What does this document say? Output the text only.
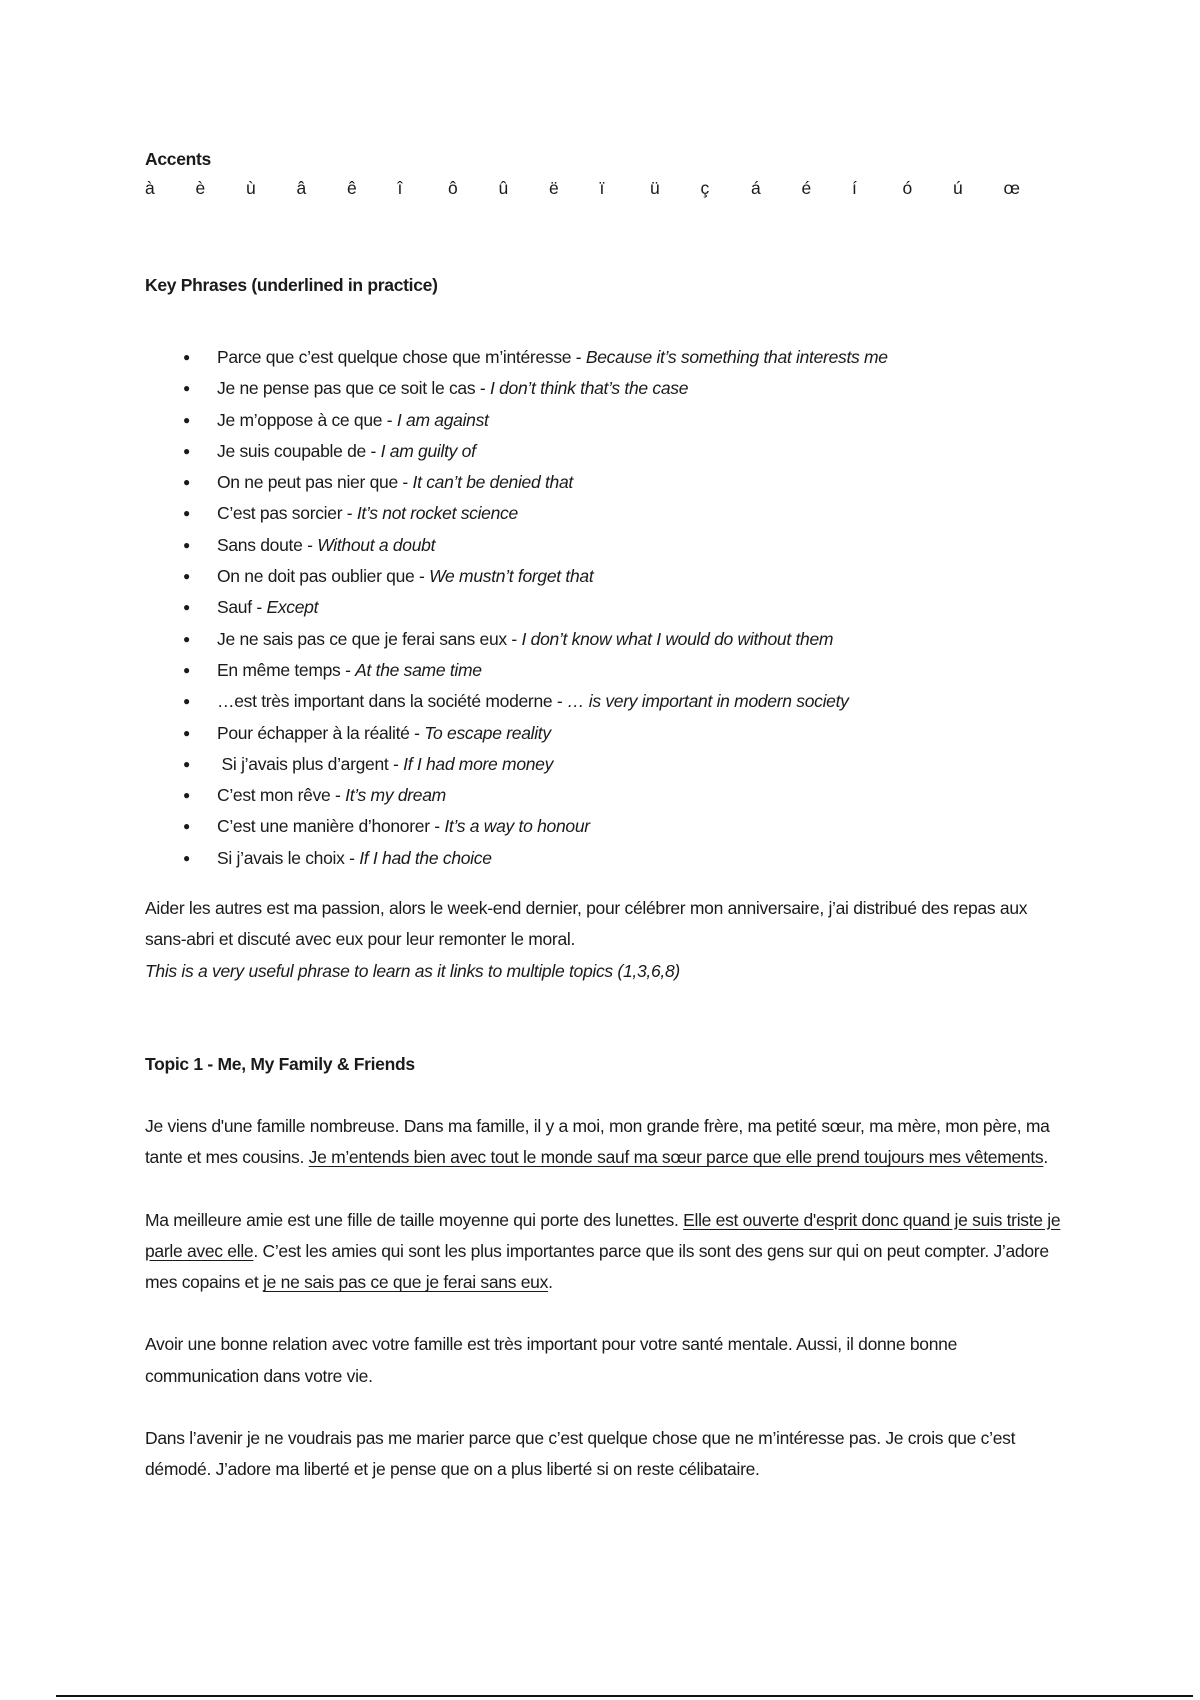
Accents
à	è	ù	â	ê	î	ô	û	ë	ï	ü	ç	á	é	í	ó	ú	œ
Key Phrases (underlined in practice)
● Parce que c’est quelque chose que m’intéresse - Because it’s something that interests me
● Je ne pense pas que ce soit le cas - I don’t think that’s the case
● Je m’oppose à ce que - I am against
● Je suis coupable de - I am guilty of
● On ne peut pas nier que - It can’t be denied that
● C’est pas sorcier - It’s not rocket science
● Sans doute - Without a doubt
● On ne doit pas oublier que - We mustn’t forget that
● Sauf - Except
● Je ne sais pas ce que je ferai sans eux - I don’t know what I would do without them
● En même temps - At the same time
● …est très important dans la société moderne - … is very important in modern society
● Pour échapper à la réalité - To escape reality
●  Si j’avais plus d’argent - If I had more money
● C’est mon rêve - It’s my dream
● C’est une manière d’honorer - It’s a way to honour
● Si j’avais le choix - If I had the choice

Aider les autres est ma passion, alors le week-end dernier, pour célébrer mon anniversaire, j’ai distribué des repas aux sans-abri et discuté avec eux pour leur remonter le moral.

This is a very useful phrase to learn as it links to multiple topics (1,3,6,8)

Topic 1 - Me, My Family & Friends

Je viens d'une famille nombreuse. Dans ma famille, il y a moi, mon grande frère, ma petité sœur, ma mère, mon père, ma tante et mes cousins. Je m’entends bien avec tout le monde sauf ma sœur parce que elle prend toujours mes vêtements.

Ma meilleure amie est une fille de taille moyenne qui porte des lunettes. Elle est ouverte d'esprit donc quand je suis triste je parle avec elle. C’est les amies qui sont les plus importantes parce que ils sont des gens sur qui on peut compter. J’adore mes copains et je ne sais pas ce que je ferai sans eux.

Avoir une bonne relation avec votre famille est très important pour votre santé mentale. Aussi, il donne bonne communication dans votre vie.

Dans l’avenir je ne voudrais pas me marier parce que c’est quelque chose que ne m’intéresse pas. Je crois que c’est démodé. J’adore ma liberté et je pense que on a plus liberté si on reste célibataire.
